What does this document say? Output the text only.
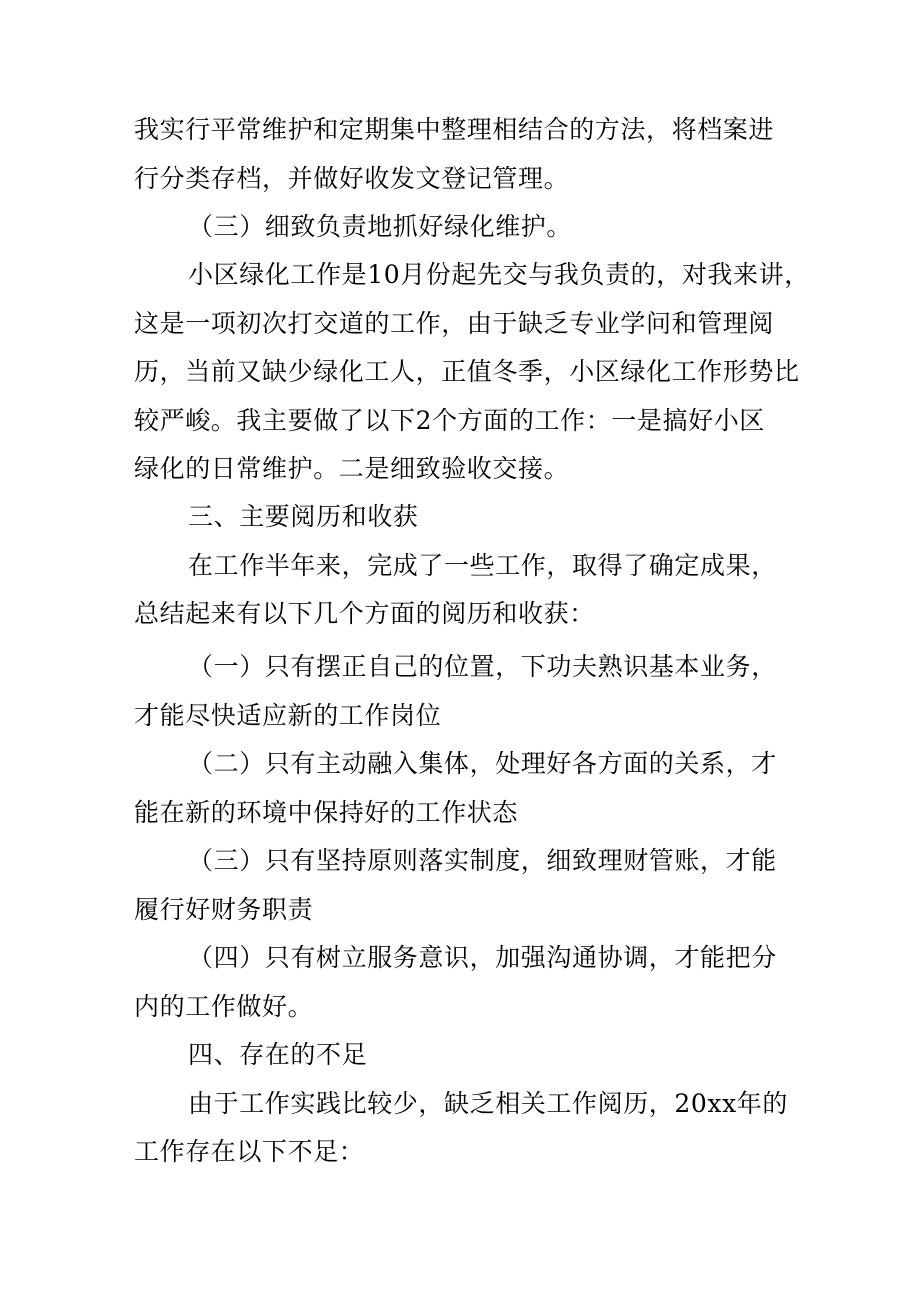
我实行平常维护和定期集中整理相结合的方法，将档案进
行分类存档，并做好收发文登记管理。
（三）细致负责地抓好绿化维护。
小区绿化工作是10月份起先交与我负责的，对我来讲，
这是一项初次打交道的工作，由于缺乏专业学问和管理阅
历，当前又缺少绿化工人，正值冬季，小区绿化工作形势比
较严峻。我主要做了以下2个方面的工作：一是搞好小区
绿化的日常维护。二是细致验收交接。
三、主要阅历和收获
在工作半年来，完成了一些工作，取得了确定成果，
总结起来有以下几个方面的阅历和收获：
（一）只有摆正自己的位置，下功夫熟识基本业务，
才能尽快适应新的工作岗位
（二）只有主动融入集体，处理好各方面的关系，才
能在新的环境中保持好的工作状态
（三）只有坚持原则落实制度，细致理财管账，才能
履行好财务职责
（四）只有树立服务意识，加强沟通协调，才能把分
内的工作做好。
四、存在的不足
由于工作实践比较少，缺乏相关工作阅历，20xx年的
工作存在以下不足：
